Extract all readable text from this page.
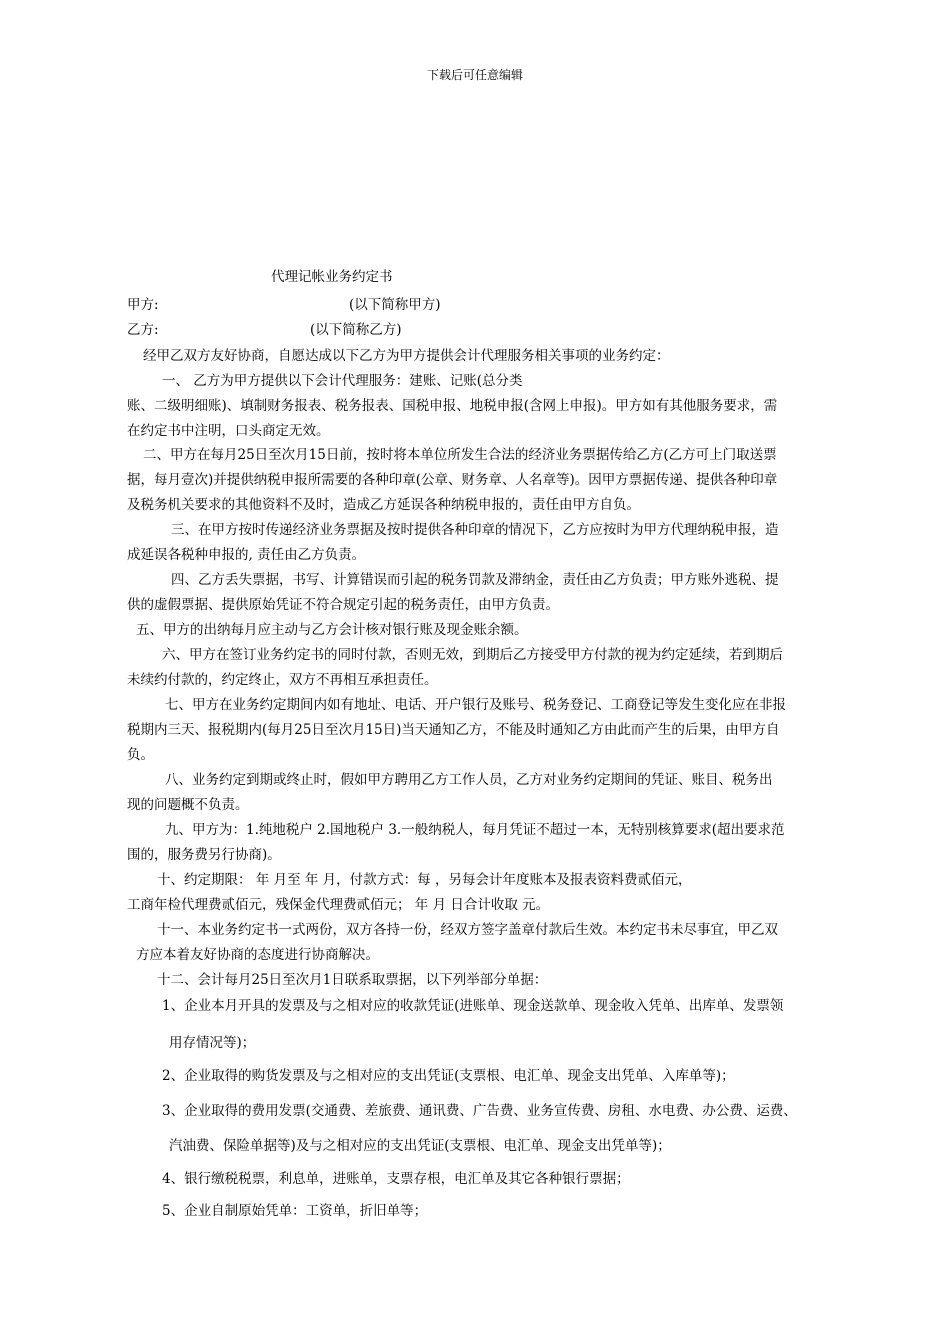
下载后可任意编辑
代理记帐业务约定书
甲方:	(以下简称甲方)
乙方:	(以下简称乙方)
经甲乙双方友好协商，自愿达成以下乙方为甲方提供会计代理服务相关事项的业务约定：
一、 乙方为甲方提供以下会计代理服务：建账、记账(总分类
账、二级明细账)、填制财务报表、税务报表、国税申报、地税申报(含网上申报)。甲方如有其他服务要求，需
在约定书中注明，口头商定无效。
二、甲方在每月25日至次月15日前，按时将本单位所发生合法的经济业务票据传给乙方(乙方可上门取送票
据，每月壹次)并提供纳税申报所需要的各种印章(公章、财务章、人名章等)。因甲方票据传递、提供各种印章
及税务机关要求的其他资料不及时，造成乙方延误各种纳税申报的，责任由甲方自负。
三、在甲方按时传递经济业务票据及按时提供各种印章的情况下，乙方应按时为甲方代理纳税申报，造
成延误各税种申报的, 责任由乙方负责。
四、乙方丢失票据，书写、计算错误而引起的税务罚款及滞纳金，责任由乙方负责；甲方账外逃税、提
供的虚假票据、提供原始凭证不符合规定引起的税务责任，由甲方负责。
五、甲方的出纳每月应主动与乙方会计核对银行账及现金账余额。
六、甲方在签订业务约定书的同时付款，否则无效，到期后乙方接受甲方付款的视为约定延续，若到期后
未续约付款的，约定终止，双方不再相互承担责任。
七、甲方在业务约定期间内如有地址、电话、开户银行及账号、税务登记、工商登记等发生变化应在非报
税期内三天、报税期内(每月25日至次月15日)当天通知乙方，不能及时通知乙方由此而产生的后果，由甲方自
负。
八、业务约定到期或终止时，假如甲方聘用乙方工作人员，乙方对业务约定期间的凭证、账目、税务出
现的问题概不负责。
九、甲方为：1.纯地税户 2.国地税户 3.一般纳税人，每月凭证不超过一本，无特别核算要求(超出要求范
围的，服务费另行协商)。
十、约定期限： 年 月至 年 月，付款方式：每 ，另每会计年度账本及报表资料费贰佰元，
工商年检代理费贰佰元，残保金代理费贰佰元； 年 月 日合计收取 元。
十一、本业务约定书一式两份，双方各持一份，经双方签字盖章付款后生效。本约定书未尽事宜，甲乙双
方应本着友好协商的态度进行协商解决。
十二、会计每月25日至次月1日联系取票据，以下列举部分单据：
1、企业本月开具的发票及与之相对应的收款凭证(进账单、现金送款单、现金收入凭单、出库单、发票领
用存情况等)；
2、企业取得的购货发票及与之相对应的支出凭证(支票根、电汇单、现金支出凭单、入库单等)；
3、企业取得的费用发票(交通费、差旅费、通讯费、广告费、业务宣传费、房租、水电费、办公费、运费、
汽油费、保险单据等)及与之相对应的支出凭证(支票根、电汇单、现金支出凭单等)；
4、银行缴税税票，利息单，进账单，支票存根，电汇单及其它各种银行票据；
5、企业自制原始凭单：工资单，折旧单等；
